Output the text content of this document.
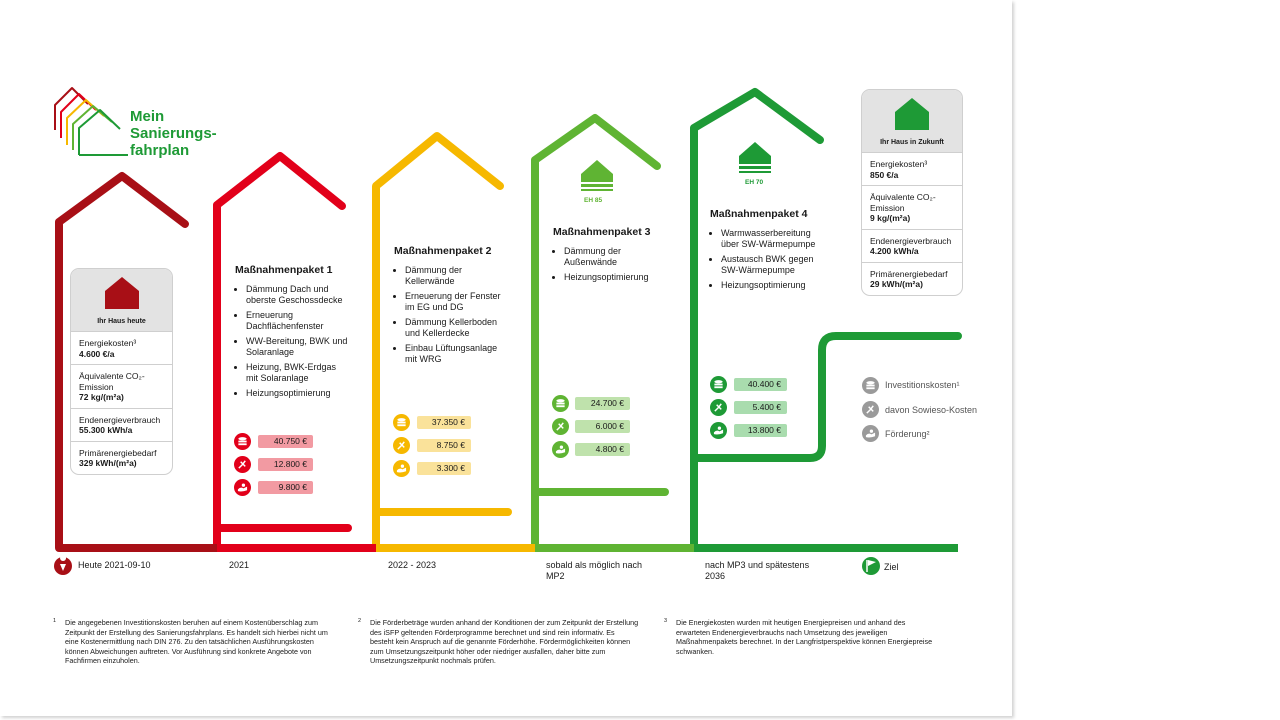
Mein
Sanierungs-
fahrplan
Ihr Haus heute
Energiekosten³
4.600 €/a
Äquivalente CO₂-Emission
72 kg/(m²a)
Endenergieverbrauch
55.300 kWh/a
Primärenergiebedarf
329 kWh/(m²a)
Ihr Haus in Zukunft
Energiekosten³
850 €/a
Äquivalente CO₂-Emission
9 kg/(m²a)
Endenergieverbrauch
4.200 kWh/a
Primärenergiebedarf
29 kWh/(m²a)
Maßnahmenpaket 1
• Dämmung Dach und oberste Geschossdecke
• Erneuerung Dachflächenfenster
• WW-Bereitung, BWK und Solaranlage
• Heizung, BWK-Erdgas mit Solaranlage
• Heizungsoptimierung
Maßnahmenpaket 2
• Dämmung der Kellerwände
• Erneuerung der Fenster im EG und DG
• Dämmung Kellerboden und Kellerdecke
• Einbau Lüftungsanlage mit WRG
Maßnahmenpaket 3
• Dämmung der Außenwände
• Heizungsoptimierung
Maßnahmenpaket 4
• Warmwasserbereitung über SW-Wärmepumpe
• Austausch BWK gegen SW-Wärmepumpe
• Heizungsoptimierung
EH 85
EH 70
40.750 €
12.800 €
9.800 €
37.350 €
8.750 €
3.300 €
24.700 €
6.000 €
4.800 €
40.400 €
5.400 €
13.800 €
Investitionskosten¹
davon Sowieso-Kosten
Förderung²
Heute 2021-09-10	2021	2022 - 2023	sobald als möglich nach MP2
nach MP3 und spätestens 2036
Ziel
1 Die angegebenen Investitionskosten beruhen auf einem Kostenüberschlag zum Zeitpunkt der Erstellung des Sanierungsfahrplans. Es handelt sich hierbei nicht um eine Kostenermittlung nach DIN 276. Zu den tatsächlichen Ausführungskosten können Abweichungen auftreten. Vor Ausführung sind konkrete Angebote von Fachfirmen einzuholen.
2 Die Förderbeträge wurden anhand der Konditionen der zum Zeitpunkt der Erstellung des iSFP geltenden Förderprogramme berechnet und sind rein informativ. Es besteht kein Anspruch auf die genannte Förderhöhe. Fördermöglichkeiten können zum Umsetzungszeitpunkt höher oder niedriger ausfallen, daher bitte zum Umsetzungszeitpunkt nochmals prüfen.
3 Die Energiekosten wurden mit heutigen Energiepreisen und anhand des erwarteten Endenergieverbrauchs nach Umsetzung des jeweiligen Maßnahmenpakets berechnet. In der Langfristperspektive können Energiepreise schwanken.
